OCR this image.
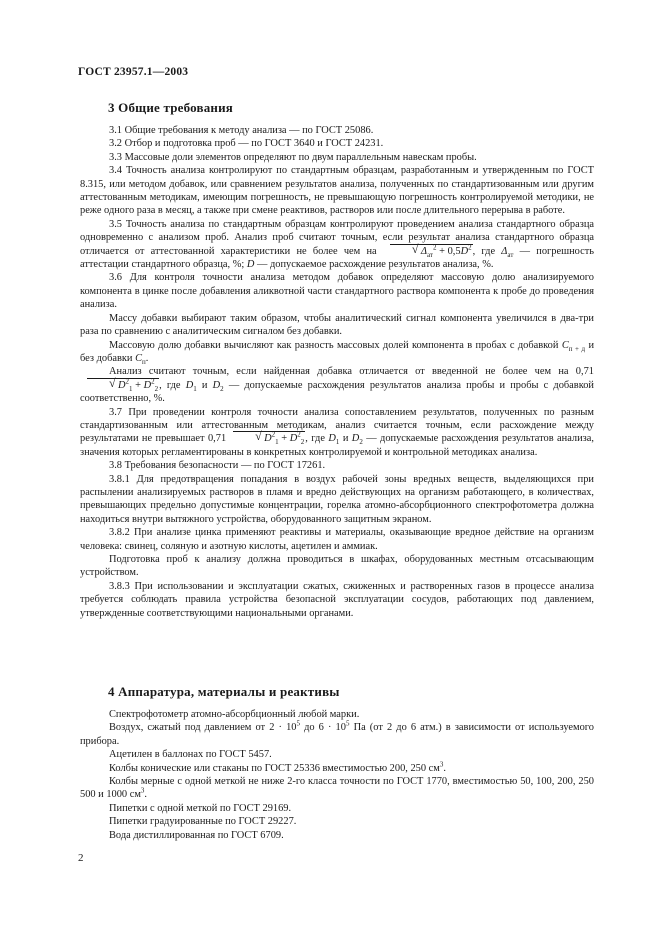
ГОСТ 23957.1—2003
3 Общие требования

3.1 Общие требования к методу анализа — по ГОСТ 25086.

3.2 Отбор и подготовка проб — по ГОСТ 3640 и ГОСТ 24231.

3.3 Массовые доли элементов определяют по двум параллельным навескам пробы.

3.4 Точность анализа контролируют по стандартным образцам, разработанным и утвержденным по ГОСТ 8.315, или методом добавок, или сравнением результатов анализа, полученных по стандартизованным или другим аттестованным методикам, имеющим погрешность, не превышающую погрешность контролируемой методики, не реже одного раза в месяц, а также при смене реактивов, растворов или после длительного перерыва в работе.

3.5 Точность анализа по стандартным образцам контролируют проведением анализа стандартного образца одновременно с анализом проб. Анализ проб считают точным, если результат анализа стандартного образца отличается от аттестованной характеристики не более чем на	√ $\Delta_{ат}^2 + 0,5D^2$, где $\Delta_{ат}$ — погрешность аттестации стандартного образца, %; D — допускаемое расхождение результатов анализа, %.

3.6 Для контроля точности анализа методом добавок определяют массовую долю анализируемого компонента в цинке после добавления аликвотной части стандартного раствора компонента к пробе до проведения анализа.

Массу добавки выбирают таким образом, чтобы аналитический сигнал компонента увеличился в два-три раза по сравнению с аналитическим сигналом без добавки.

Массовую долю добавки вычисляют как разность массовых долей компонента в пробах с добавкой $C_{п + д}$ и без добавки $C_п$.

Анализ считают точным, если найденная добавка отличается от введенной не более чем на 0,71
√ $D^2_1 + D^2_2$, где $D_1$ и $D_2$ — допускаемые расхождения результатов анализа пробы и пробы с добавкой соответственно, %.

3.7 При проведении контроля точности анализа сопоставлением результатов, полученных по разным стандартизованным или аттестованным методикам, анализ считается точным, если расхождение между результатами не превышает 0,71	√ $D^2_1 + D^2_2$, где $D_1$ и $D_2$ — допускаемые расхождения результатов анализа, значения которых регламентированы в конкретных контролируемой и контрольной методиках анализа.

3.8 Требования безопасности — по ГОСТ 17261.

3.8.1 Для предотвращения попадания в воздух рабочей зоны вредных веществ, выделяющихся при распылении анализируемых растворов в пламя и вредно действующих на организм работающего, в количествах, превышающих предельно допустимые концентрации, горелка атомно-абсорбционного спектрофотометра должна находиться внутри вытяжного устройства, оборудованного защитным экраном.

3.8.2 При анализе цинка применяют реактивы и материалы, оказывающие вредное действие на организм человека: свинец, соляную и азотную кислоты, ацетилен и аммиак.

Подготовка проб к анализу должна проводиться в шкафах, оборудованных местным отсасывающим устройством.

3.8.3 При использовании и эксплуатации сжатых, сжиженных и растворенных газов в процессе анализа требуется соблюдать правила устройства безопасной эксплуатации сосудов, работающих под давлением, утвержденные соответствующими национальными органами.

4 Аппаратура, материалы и реактивы

Спектрофотометр атомно-абсорбционный любой марки.

Воздух, сжатый под давлением от $2 \cdot 10^5$ до $6 \cdot 10^5$ Па (от 2 до 6 атм.) в зависимости от используемого прибора.

Ацетилен в баллонах по ГОСТ 5457.

Колбы конические или стаканы по ГОСТ 25336 вместимостью 200, 250 $см^3$.

Колбы мерные с одной меткой не ниже 2-го класса точности по ГОСТ 1770, вместимостью 50, 100, 200, 250 500 и 1000 $см^3$.

Пипетки с одной меткой по ГОСТ 29169.

Пипетки градуированные по ГОСТ 29227.

Вода дистиллированная по ГОСТ 6709.

2
